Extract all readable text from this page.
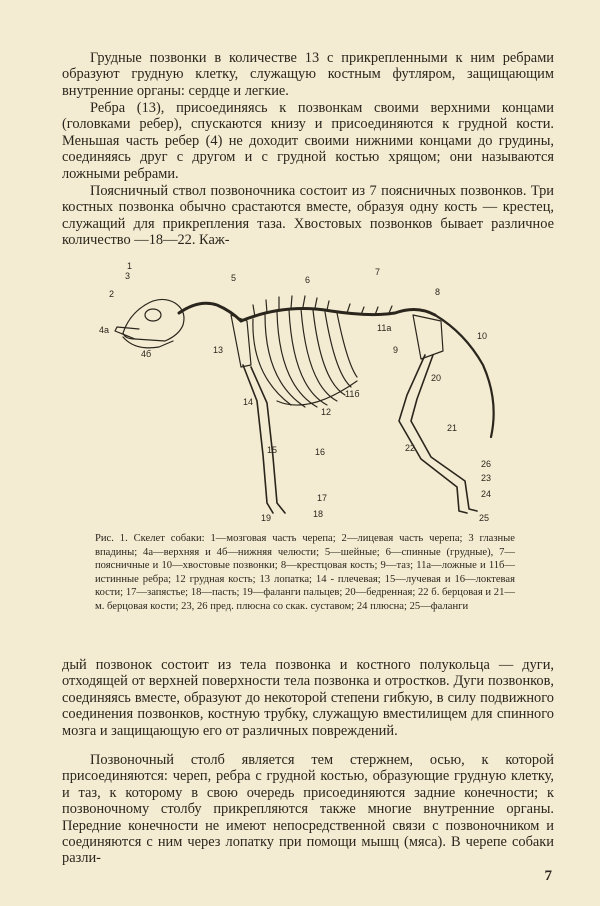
Грудные позвонки в количестве 13 с прикрепленными к ним ребрами образуют грудную клетку, служащую костным футляром, защищающим внутренние органы: сердце и легкие.

Ребра (13), присоединяясь к позвонкам своими верхними концами (головками ребер), спускаются книзу и присоединяются к грудной кости. Меньшая часть ребер (4) не доходит своими нижними концами до грудины, соединяясь друг с другом и с грудной костью хрящом; они называются ложными ребрами.

Поясничный ствол позвоночника состоит из 7 поясничных позвонков. Три костных позвонка обычно срастаются вместе, образуя одну кость — крестец, служащий для прикрепления таза. Хвостовых позвонков бывает различное количество —18—22. Каж-

1
2
3
4а
4б
5	6
7
8
9
10
11а
11б
12
13
14
15	16
17
18
19
20
21
22
23
24
25
26

Рис. 1. Скелет собаки: 1—мозговая часть черепа; 2—лицевая часть черепа; 3 глазные впадины; 4а—верхняя и 4б—нижняя челюсти; 5—шейные; 6—спинные (грудные), 7—поясничные и 10—хвостовые позвонки; 8—крестцовая кость; 9—таз; 11а—ложные и 11б—истинные ребра; 12 грудная кость; 13 лопатка; 14 - плечевая; 15—лучевая и 16—локтевая кости; 17—запястье; 18—пасть; 19—фаланги пальцев; 20—бедренная; 22 б. берцовая и 21—м. берцовая кости; 23, 26 пред. плюсна со скак. суставом; 24 плюсна; 25—фаланги

дый позвонок состоит из тела позвонка и костного полукольца — дуги, отходящей от верхней поверхности тела позвонка и отростков. Дуги позвонков, соединяясь вместе, образуют до некоторой степени гибкую, в силу подвижного соединения позвонков, костную трубку, служащую вместилищем для спинного мозга и защищающую его от различных повреждений.

Позвоночный столб является тем стержнем, осью, к которой присоединяются: череп, ребра с грудной костью, образующие грудную клетку, и таз, к которому в свою очередь присоединяются задние конечности; к позвоночному столбу прикрепляются также многие внутренние органы. Передние конечности не имеют непосредственной связи с позвоночником и соединяются с ним через лопатку при помощи мышц (мяса). В черепе собаки разли-

7
